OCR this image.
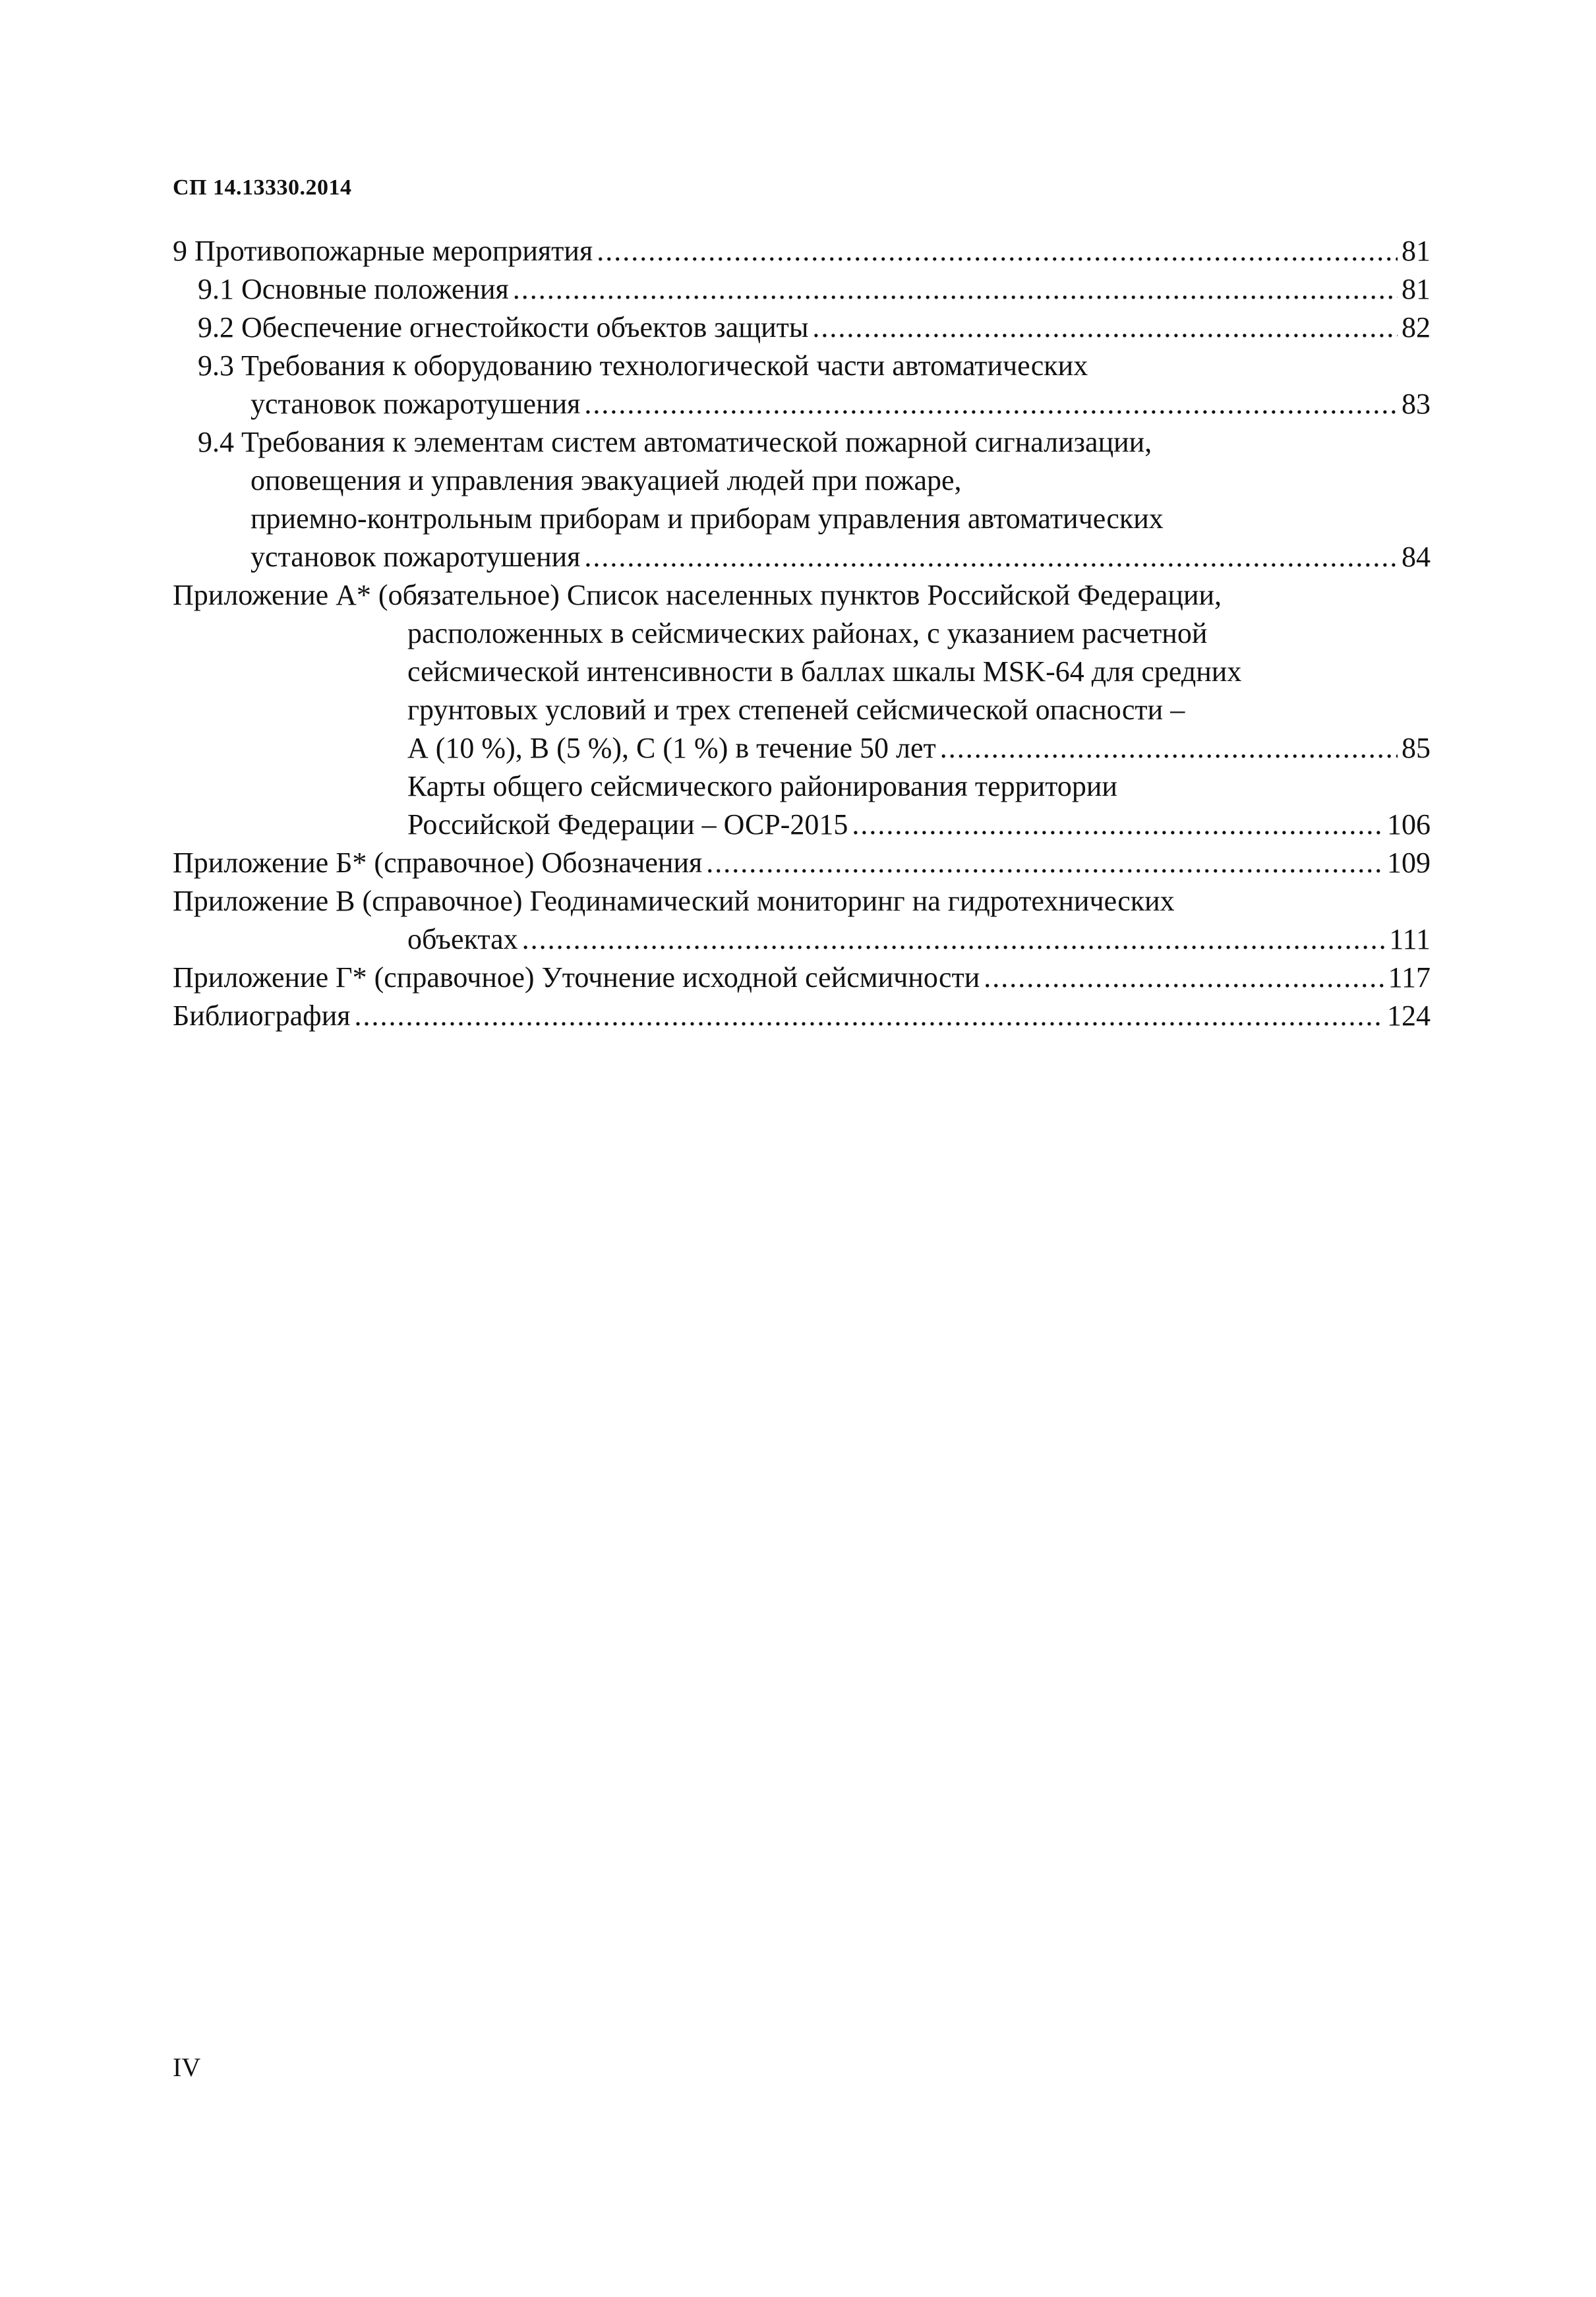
СП 14.13330.2014
9 Противопожарные мероприятия .....	81
9.1 Основные положения .....	81
9.2 Обеспечение огнестойкости объектов защиты .....	82
9.3 Требования к оборудованию технологической части автоматических
установок пожаротушения .....	83
9.4 Требования к элементам систем автоматической пожарной сигнализации,
оповещения и управления эвакуацией людей при пожаре,
приемно-контрольным приборам и приборам управления автоматических
установок пожаротушения .....	84
Приложение А* (обязательное) Список населенных пунктов Российской Федерации,
расположенных в сейсмических районах, с указанием расчетной
сейсмической интенсивности в баллах шкалы MSK-64 для средних
грунтовых условий и трех степеней сейсмической опасности –
А (10 %), В (5 %), С (1 %) в течение 50 лет .....	85
Карты общего сейсмического районирования территории
Российской Федерации – ОСР-2015 .....	106
Приложение Б* (справочное) Обозначения .....	109
Приложение В (справочное) Геодинамический мониторинг на гидротехнических
объектах .....	111
Приложение Г* (справочное) Уточнение исходной сейсмичности .....	117
Библиография .....	124
IV
